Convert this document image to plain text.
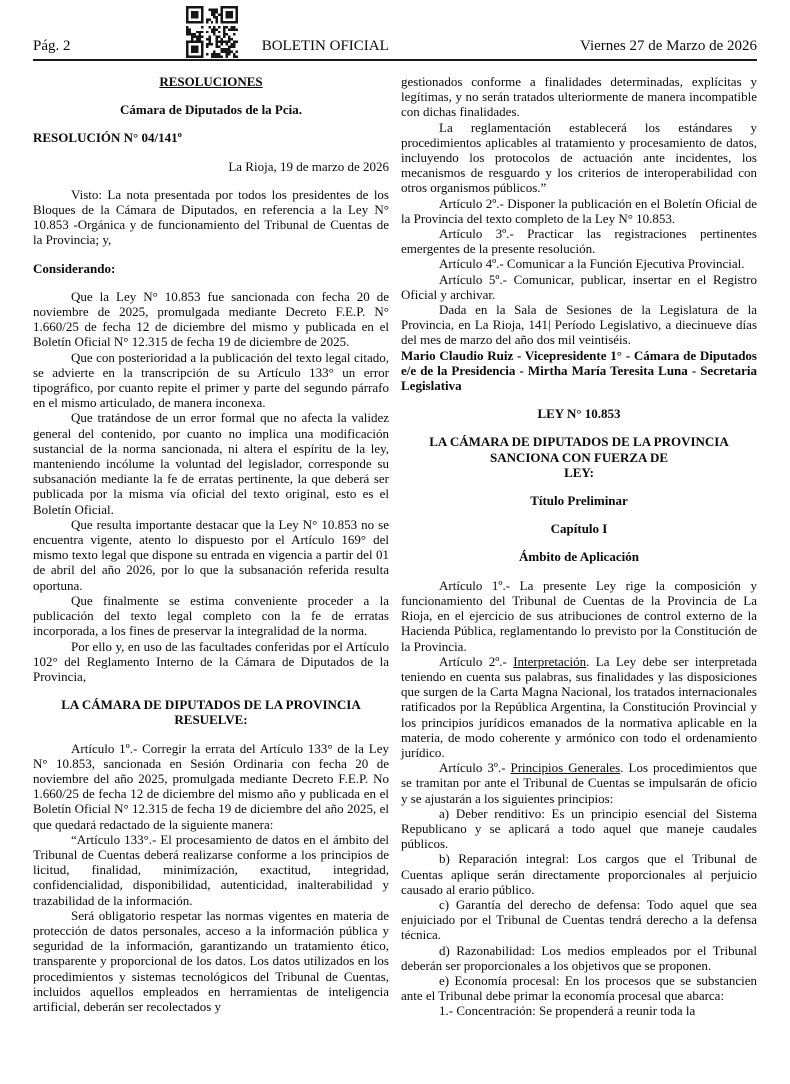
Pág. 2	BOLETIN OFICIAL	Viernes 27 de Marzo de 2026
RESOLUCIONES
Cámara de Diputados de la Pcia.
RESOLUCIÓN N° 04/141º
La Rioja, 19 de marzo de 2026

Visto: La nota presentada por todos los presidentes de los Bloques de la Cámara de Diputados, en referencia a la Ley N° 10.853 -Orgánica y de funcionamiento del Tribunal de Cuentas de la Provincia; y,

Considerando:

Que la Ley N° 10.853 fue sancionada con fecha 20 de noviembre de 2025, promulgada mediante Decreto F.E.P. N° 1.660/25 de fecha 12 de diciembre del mismo y publicada en el Boletín Oficial N° 12.315 de fecha 19 de diciembre de 2025.

Que con posterioridad a la publicación del texto legal citado, se advierte en la transcripción de su Artículo 133° un error tipográfico, por cuanto repite el primer y parte del segundo párrafo en el mismo articulado, de manera inconexa.

Que tratándose de un error formal que no afecta la validez general del contenido, por cuanto no implica una modificación sustancial de la norma sancionada, ni altera el espíritu de la ley, manteniendo incólume la voluntad del legislador, corresponde su subsanación mediante la fe de erratas pertinente, la que deberá ser publicada por la misma vía oficial del texto original, esto es el Boletín Oficial.

Que resulta importante destacar que la Ley N° 10.853 no se encuentra vigente, atento lo dispuesto por el Artículo 169° del mismo texto legal que dispone su entrada en vigencia a partir del 01 de abril del año 2026, por lo que la subsanación referida resulta oportuna.

Que finalmente se estima conveniente proceder a la publicación del texto legal completo con la fe de erratas incorporada, a los fines de preservar la integralidad de la norma.

Por ello y, en uso de las facultades conferidas por el Artículo 102° del Reglamento Interno de la Cámara de Diputados de la Provincia,

LA CÁMARA DE DIPUTADOS DE LA PROVINCIA
RESUELVE:

Artículo 1º.- Corregir la errata del Artículo 133° de la Ley N° 10.853, sancionada en Sesión Ordinaria con fecha 20 de noviembre del año 2025, promulgada mediante Decreto F.E.P. No 1.660/25 de fecha 12 de diciembre del mismo año y publicada en el Boletín Oficial N° 12.315 de fecha 19 de diciembre del año 2025, el que quedará redactado de la siguiente manera:

“Artículo 133°.- El procesamiento de datos en el ámbito del Tribunal de Cuentas deberá realizarse conforme a los principios de licitud, finalidad, minimización, exactitud, integridad, confidencialidad, disponibilidad, autenticidad, inalterabilidad y trazabilidad de la información.

Será obligatorio respetar las normas vigentes en materia de protección de datos personales, acceso a la información pública y seguridad de la información, garantizando un tratamiento ético, transparente y proporcional de los datos. Los datos utilizados en los procedimientos y sistemas tecnológicos del Tribunal de Cuentas, incluidos aquellos empleados en herramientas de inteligencia artificial, deberán ser recolectados y

gestionados conforme a finalidades determinadas, explícitas y legítimas, y no serán tratados ulteriormente de manera incompatible con dichas finalidades.

La reglamentación establecerá los estándares y procedimientos aplicables al tratamiento y procesamiento de datos, incluyendo los protocolos de actuación ante incidentes, los mecanismos de resguardo y los criterios de interoperabilidad con otros organismos públicos.”

Artículo 2º.- Disponer la publicación en el Boletín Oficial de la Provincia del texto completo de la Ley N° 10.853.

Artículo 3º.- Practicar las registraciones pertinentes emergentes de la presente resolución.

Artículo 4º.- Comunicar a la Función Ejecutiva Provincial.

Artículo 5º.- Comunicar, publicar, insertar en el Registro Oficial y archivar.

Dada en la Sala de Sesiones de la Legislatura de la Provincia, en La Rioja, 141| Período Legislativo, a diecinueve días del mes de marzo del año dos mil veintiséis.

Mario Claudio Ruiz - Vicepresidente 1° - Cámara de Diputados e/e de la Presidencia - Mirtha María Teresita Luna - Secretaria Legislativa

LEY N° 10.853
LA CÁMARA DE DIPUTADOS DE LA PROVINCIA
SANCIONA CON FUERZA DE
LEY:
Título Preliminar
Capítulo I
Ámbito de Aplicación

Artículo 1º.- La presente Ley rige la composición y funcionamiento del Tribunal de Cuentas de la Provincia de La Rioja, en el ejercicio de sus atribuciones de control externo de la Hacienda Pública, reglamentando lo previsto por la Constitución de la Provincia.

Artículo 2º.- Interpretación. La Ley debe ser interpretada teniendo en cuenta sus palabras, sus finalidades y las disposiciones que surgen de la Carta Magna Nacional, los tratados internacionales ratificados por la República Argentina, la Constitución Provincial y los principios jurídicos emanados de la normativa aplicable en la materia, de modo coherente y armónico con todo el ordenamiento jurídico.

Artículo 3º.- Principios Generales. Los procedimientos que se tramitan por ante el Tribunal de Cuentas se impulsarán de oficio y se ajustarán a los siguientes principios:

a) Deber renditivo: Es un principio esencial del Sistema Republicano y se aplicará a todo aquel que maneje caudales públicos.

b) Reparación integral: Los cargos que el Tribunal de Cuentas aplique serán directamente proporcionales al perjuicio causado al erario público.

c) Garantía del derecho de defensa: Todo aquel que sea enjuiciado por el Tribunal de Cuentas tendrá derecho a la defensa técnica.

d) Razonabilidad: Los medios empleados por el Tribunal deberán ser proporcionales a los objetivos que se proponen.

e) Economía procesal: En los procesos que se substancien ante el Tribunal debe primar la economía procesal que abarca:

1.- Concentración: Se propenderá a reunir toda la
